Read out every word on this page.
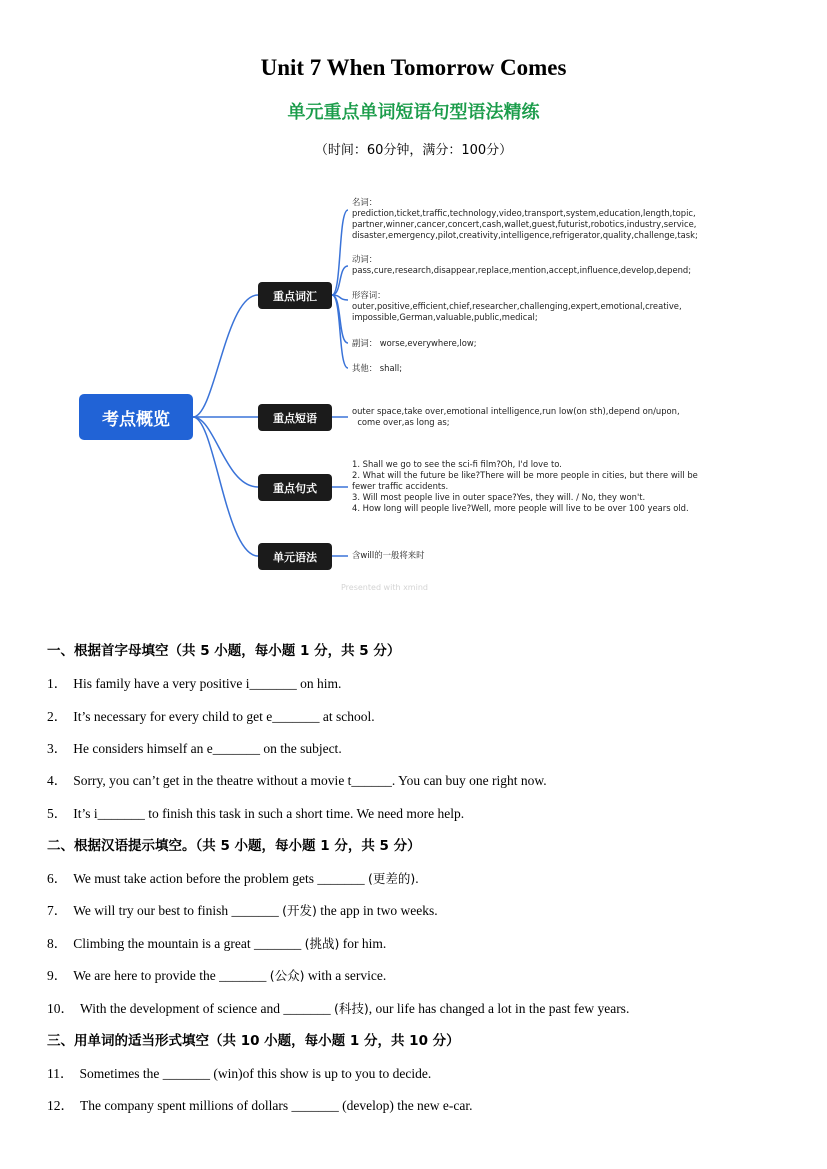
Unit 7 When Tomorrow Comes
单元重点单词短语句型语法精练
（时间：60分钟，满分：100分）
考点概览
重点词汇
重点短语
重点句式
单元语法
名词：
prediction,ticket,traffic,technology,video,transport,system,education,length,topic,
partner,winner,cancer,concert,cash,wallet,guest,futurist,robotics,industry,service,
disaster,emergency,pilot,creativity,intelligence,refrigerator,quality,challenge,task;
动词：
pass,cure,research,disappear,replace,mention,accept,influence,develop,depend;
形容词：
outer,positive,efficient,chief,researcher,challenging,expert,emotional,creative,
impossible,German,valuable,public,medical;
副词： worse,everywhere,low;
其他： shall;
outer space,take over,emotional intelligence,run low(on sth),depend on/upon,
come over,as long as;
1. Shall we go to see the sci-fi film?Oh, I'd love to.
2. What will the future be like?There will be more people in cities, but there will be
fewer traffic accidents.
3. Will most people live in outer space?Yes, they will. / No, they won't.
4. How long will people live?Well, more people will live to be over 100 years old.
含will的一般将来时
Presented with xmind
一、根据首字母填空（共 5 小题，每小题 1 分，共 5 分）
1． His family have a very positive i_______ on him.
2． It’s necessary for every child to get e_______ at school.
3． He considers himself an e_______ on the subject.
4． Sorry, you can’t get in the theatre without a movie t______. You can buy one right now.
5． It’s i_______ to finish this task in such a short time. We need more help.
二、根据汉语提示填空。（共 5 小题，每小题 1 分，共 5 分）
6． We must take action before the problem gets _______ (更差的).
7． We will try our best to finish _______ (开发) the app in two weeks.
8． Climbing the mountain is a great _______ (挑战) for him.
9． We are here to provide the _______ (公众) with a service.
10． With the development of science and _______ (科技), our life has changed a lot in the past few years.
三、用单词的适当形式填空（共 10 小题，每小题 1 分，共 10 分）
11． Sometimes the _______ (win)of this show is up to you to decide.
12． The company spent millions of dollars _______ (develop) the new e-car.
